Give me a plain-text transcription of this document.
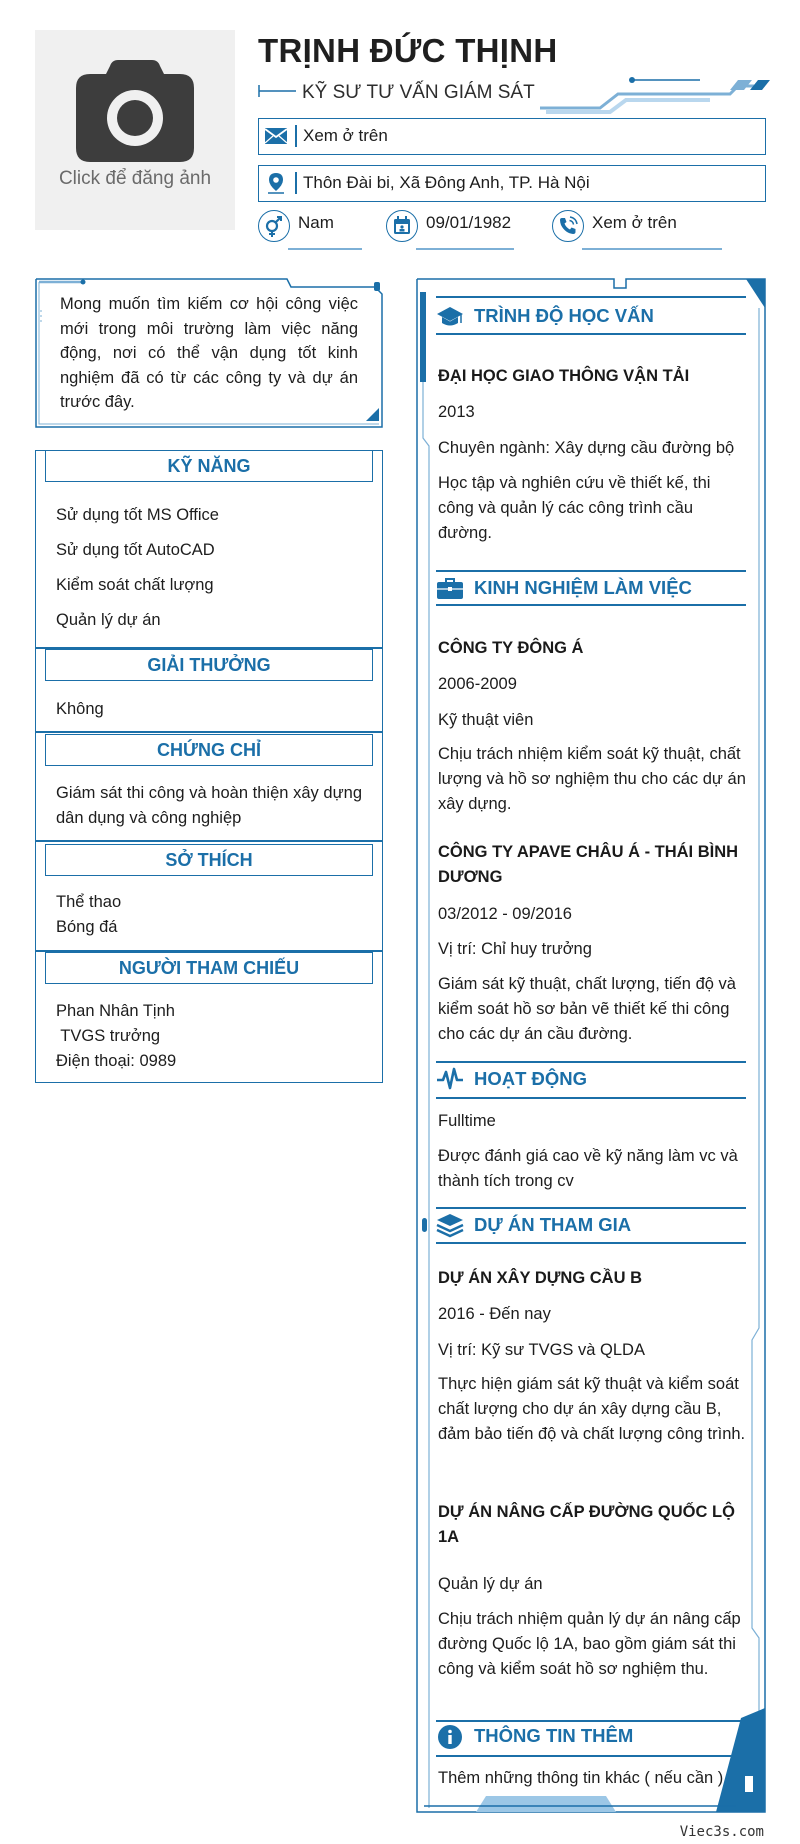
Click để đăng ảnh
TRỊNH ĐỨC THỊNH
KỸ SƯ TƯ VẤN GIÁM SÁT
Xem ở trên
Thôn Đài bi, Xã Đông Anh, TP. Hà Nội
Nam	09/01/1982	Xem ở trên
Mong muốn tìm kiếm cơ hội công việc mới trong môi trường làm việc năng động, nơi có thể vận dụng tốt kinh nghiệm đã có từ các công ty và dự án trước đây.
KỸ NĂNG
Sử dụng tốt MS Office
Sử dụng tốt AutoCAD
Kiểm soát chất lượng
Quản lý dự án
GIẢI THƯỞNG
Không
CHỨNG CHỈ
Giám sát thi công và hoàn thiện xây dựng dân dụng và công nghiệp
SỞ THÍCH
Thể thao
Bóng đá
NGƯỜI THAM CHIẾU
Phan Nhân Tịnh
TVGS trưởng
Điện thoại: 0989
TRÌNH ĐỘ HỌC VẤN
ĐẠI HỌC GIAO THÔNG VẬN TẢI
2013
Chuyên ngành: Xây dựng cầu đường bộ
Học tập và nghiên cứu về thiết kế, thi công và quản lý các công trình cầu đường.
KINH NGHIỆM LÀM VIỆC
CÔNG TY ĐÔNG Á
2006-2009
Kỹ thuật viên
Chịu trách nhiệm kiểm soát kỹ thuật, chất lượng và hồ sơ nghiệm thu cho các dự án xây dựng.
CÔNG TY APAVE CHÂU Á - THÁI BÌNH DƯƠNG
03/2012 - 09/2016
Vị trí: Chỉ huy trưởng
Giám sát kỹ thuật, chất lượng, tiến độ và kiểm soát hồ sơ bản vẽ thiết kế thi công cho các dự án cầu đường.
HOẠT ĐỘNG
Fulltime
Được đánh giá cao về kỹ năng làm vc và thành tích trong cv
DỰ ÁN THAM GIA
DỰ ÁN XÂY DỰNG CẦU B
2016 - Đến nay
Vị trí: Kỹ sư TVGS và QLDA
Thực hiện giám sát kỹ thuật và kiểm soát chất lượng cho dự án xây dựng cầu B, đảm bảo tiến độ và chất lượng công trình.
DỰ ÁN NÂNG CẤP ĐƯỜNG QUỐC LỘ 1A
Quản lý dự án
Chịu trách nhiệm quản lý dự án nâng cấp đường Quốc lộ 1A, bao gồm giám sát thi công và kiểm soát hồ sơ nghiệm thu.
THÔNG TIN THÊM
Thêm những thông tin khác ( nếu cần )
Viec3s.com
